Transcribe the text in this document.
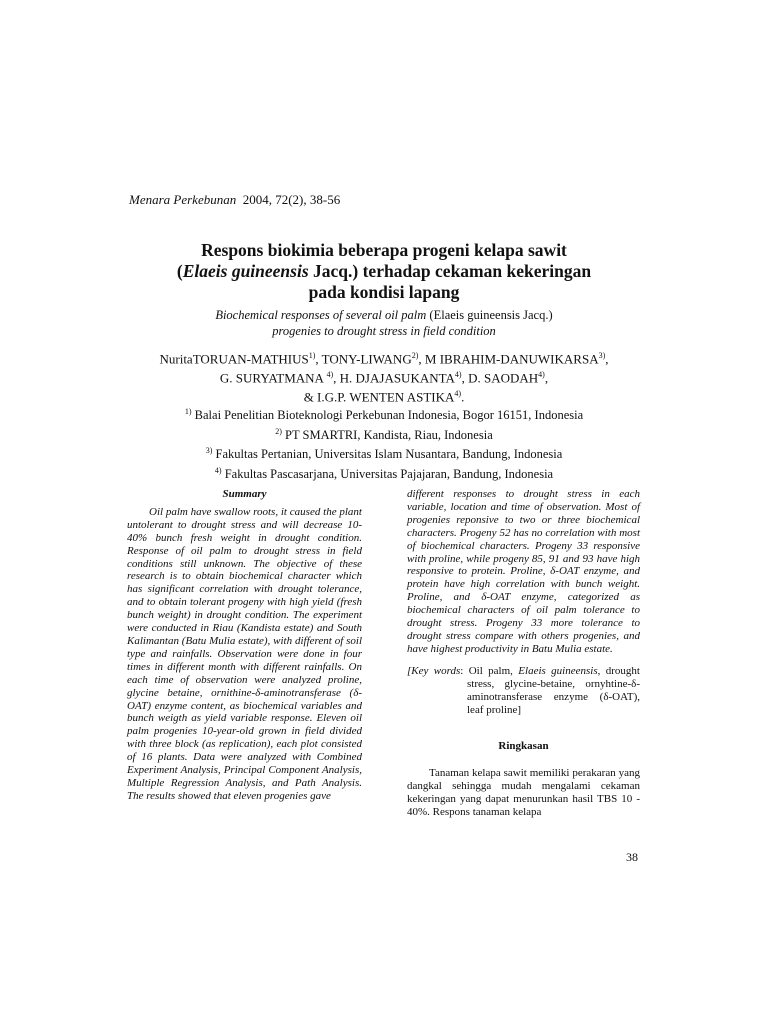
Menara Perkebunan 2004, 72(2), 38-56
Respons biokimia beberapa progeni kelapa sawit
(Elaeis guineensis Jacq.) terhadap cekaman kekeringan
pada kondisi lapang
Biochemical responses of several oil palm (Elaeis guineensis Jacq.)
progenies to drought stress in field condition
NuritaTORUAN-MATHIUS$^{1)}$, TONY-LIWANG$^{2)}$, M IBRAHIM-DANUWIKARSA$^{3)}$,
G. SURYATMANA $^{4)}$, H. DJAJASUKANTA$^{4)}$, D. SAODAH$^{4)}$,
& I.G.P. WENTEN ASTIKA$^{4)}$.
$^{1)}$ Balai Penelitian Bioteknologi Perkebunan Indonesia, Bogor 16151, Indonesia
$^{2)}$ PT SMARTRI, Kandista, Riau, Indonesia
$^{3)}$ Fakultas Pertanian, Universitas Islam Nusantara, Bandung, Indonesia
$^{4)}$ Fakultas Pascasarjana, Universitas Pajajaran, Bandung, Indonesia
Summary

Oil palm have swallow roots, it caused the plant untolerant to drought stress and will decrease 10-40% bunch fresh weight in drought condition. Response of oil palm to drought stress in field conditions still unknown. The objective of these research is to obtain biochemical character which has significant correlation with drought tolerance, and to obtain tolerant progeny with high yield (fresh bunch weight) in drought condition. The experiment were conducted in Riau (Kandista estate) and South Kalimantan (Batu Mulia estate), with different of soil type and rainfalls. Observation were done in four times in different month with different rainfalls. On each time of observation were analyzed proline, glycine betaine, ornithine-δ-aminotransferase (δ-OAT) enzyme content, as biochemical variables and bunch weigth as yield variable response. Eleven oil palm progenies 10-year-old grown in field divided with three block (as replication), each plot consisted of 16 plants. Data were analyzed with Combined Experiment Analysis, Principal Component Analysis, Multiple Regression Analysis, and Path Analysis. The results showed that eleven progenies gave

different responses to drought stress in each variable, location and time of observation. Most of progenies reponsive to two or three biochemical characters. Progeny 52 has no correlation with most of biochemical characters. Progeny 33 responsive with proline, while progeny 85, 91 and 93 have high responsive to protein. Proline, δ-OAT enzyme, and protein have high correlation with bunch weight. Proline, and δ-OAT enzyme, categorized as biochemical characters of oil palm tolerance to drought stress. Progeny 33 more tolerance to drought stress compare with others progenies, and have highest productivity in Batu Mulia estate.

[Key words: Oil palm, Elaeis guineensis, drought stress, glycine-betaine, ornyhtine-δ-aminotransferase enzyme (δ-OAT), leaf proline]
Ringkasan

Tanaman kelapa sawit memiliki perakaran yang dangkal sehingga mudah mengalami cekaman kekeringan yang dapat menurunkan hasil TBS 10 - 40%. Respons tanaman kelapa

38
